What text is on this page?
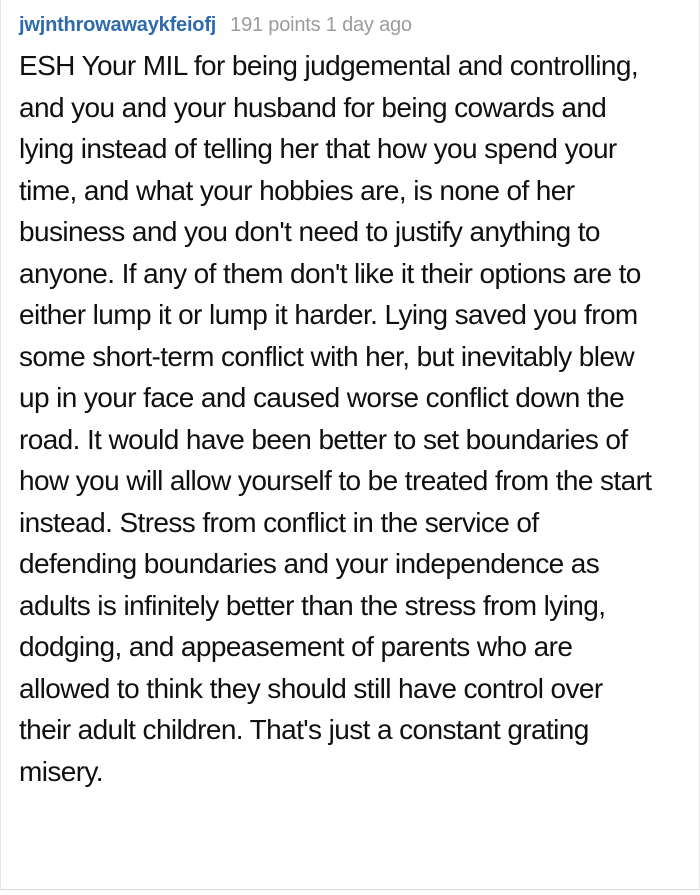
jwjnthrowawaykfeiofj 191 points 1 day ago

ESH Your MIL for being judgemental and controlling, and you and your husband for being cowards and lying instead of telling her that how you spend your time, and what your hobbies are, is none of her business and you don't need to justify anything to anyone. If any of them don't like it their options are to either lump it or lump it harder. Lying saved you from some short-term conflict with her, but inevitably blew up in your face and caused worse conflict down the road. It would have been better to set boundaries of how you will allow yourself to be treated from the start instead. Stress from conflict in the service of defending boundaries and your independence as adults is infinitely better than the stress from lying, dodging, and appeasement of parents who are allowed to think they should still have control over their adult children. That's just a constant grating misery.
